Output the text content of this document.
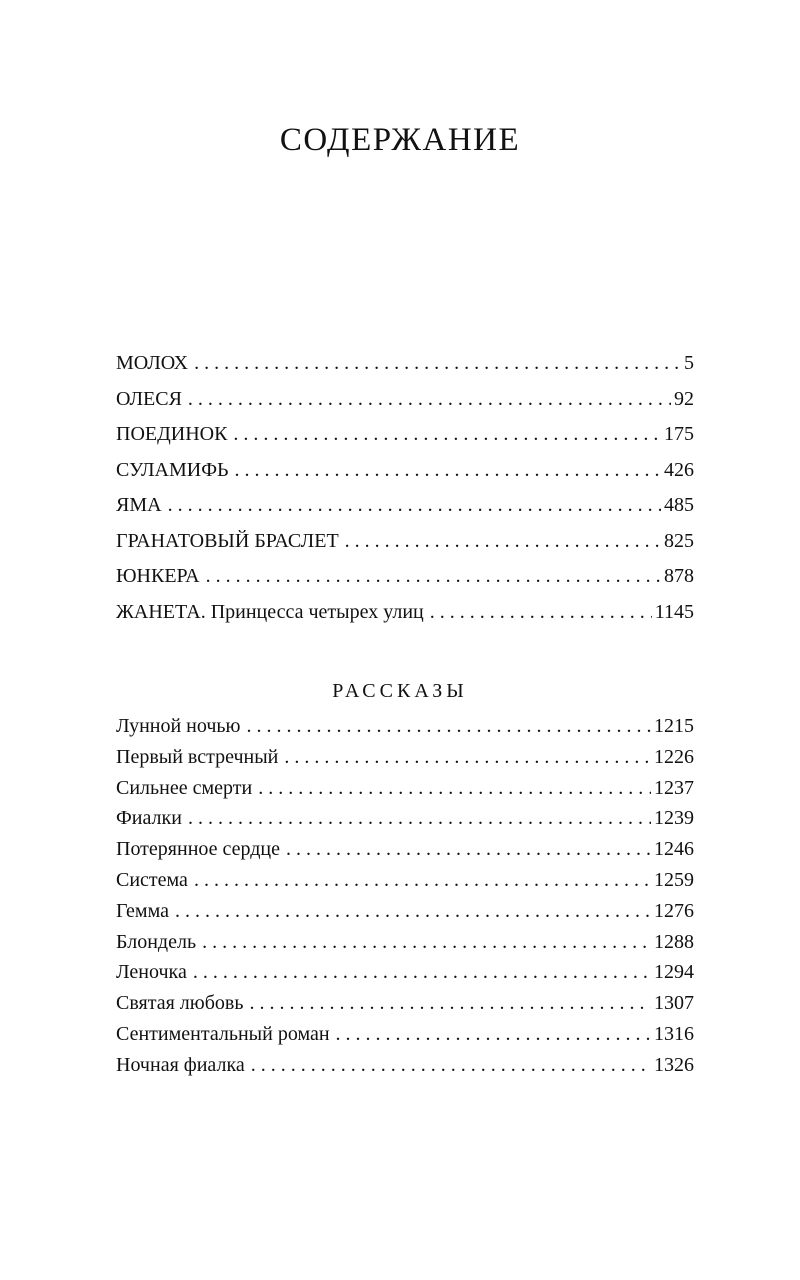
СОДЕРЖАНИЕ
МОЛОХ . . .	5
ОЛЕСЯ . . .	92
ПОЕДИНОК . . .	175
СУЛАМИФЬ . . .	426
ЯМА . . .	485
ГРАНАТОВЫЙ БРАСЛЕТ . . .	825
ЮНКЕРА . . .	878
ЖАНЕТА. Принцесса четырех улиц . . .	1145
РАССКАЗЫ
Лунной ночью . . .	1215
Первый встречный . . .	1226
Сильнее смерти . . .	1237
Фиалки . . .	1239
Потерянное сердце . . .	1246
Система . . .	1259
Гемма . . .	1276
Блондель . . .	1288
Леночка . . .	1294
Святая любовь . . .	1307
Сентиментальный роман . . .	1316
Ночная фиалка . . .	1326
